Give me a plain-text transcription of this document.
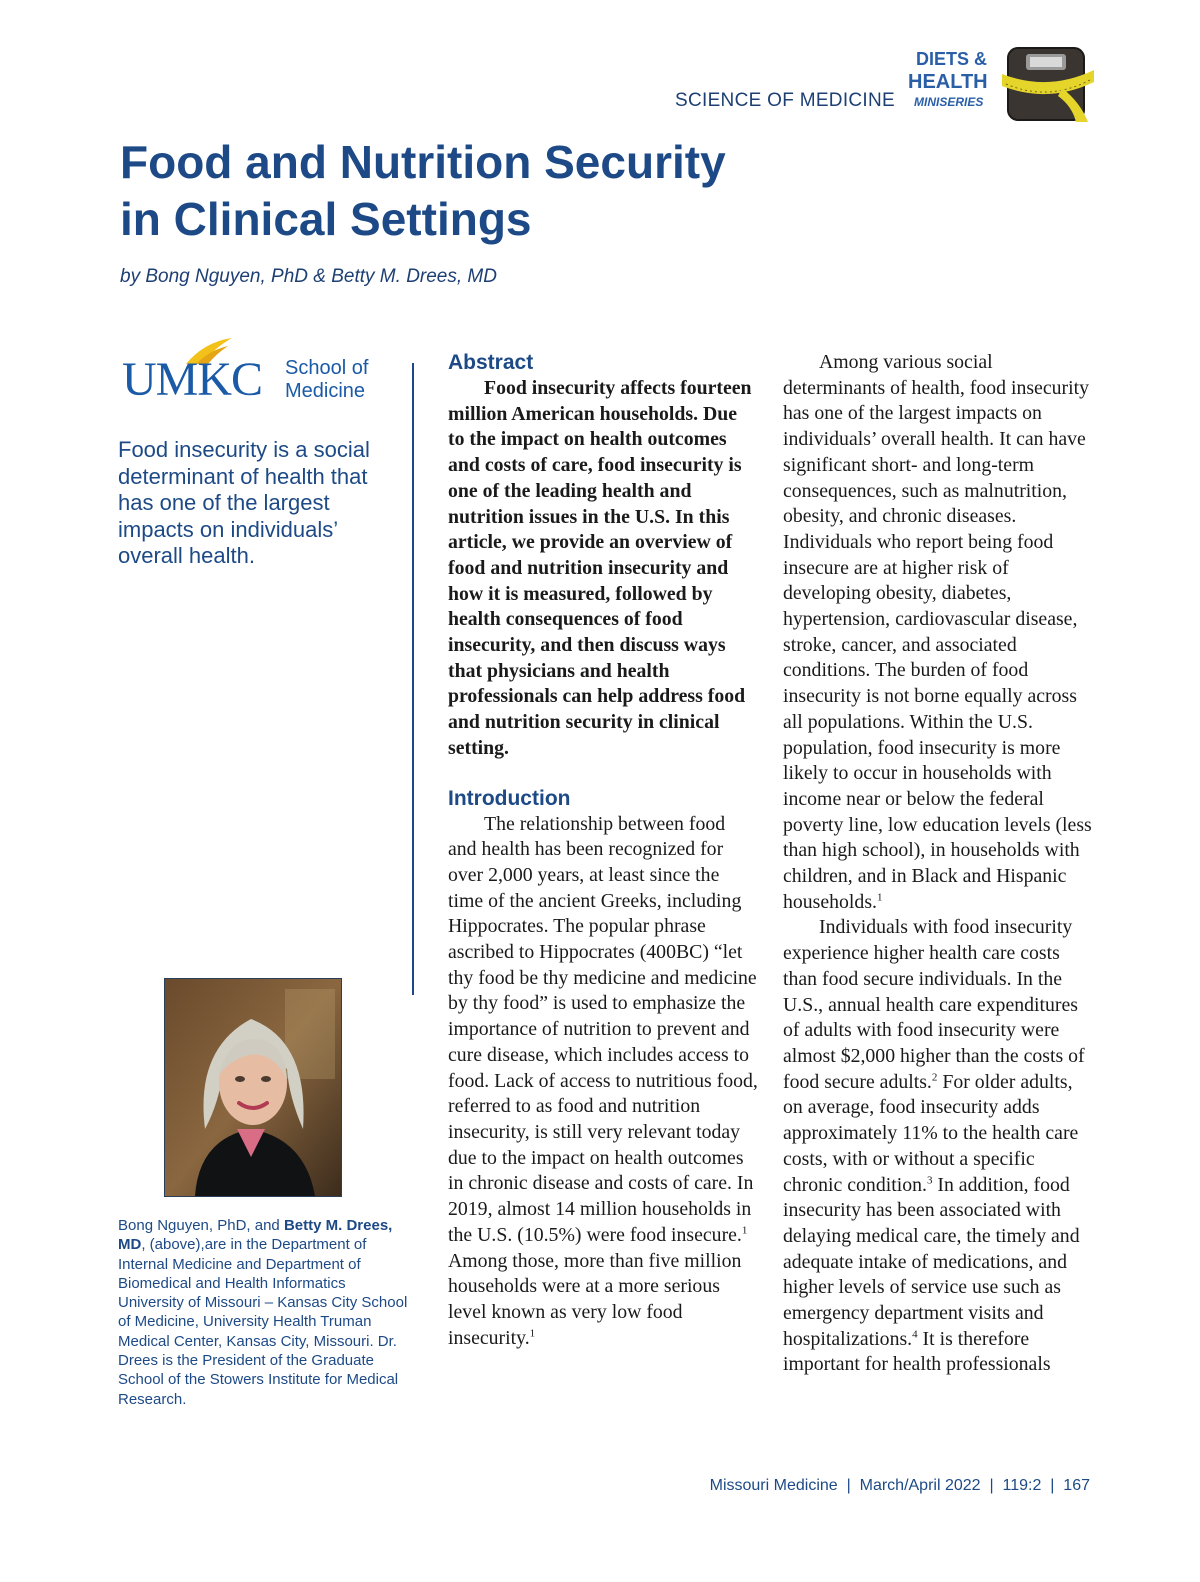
SCIENCE OF MEDICINE
DIETS &
HEALTH
MINISERIES
Food and Nutrition Security
in Clinical Settings
by Bong Nguyen, PhD & Betty M. Drees, MD
UMKC School of
Medicine

Food insecurity is a social determinant of health that has one of the largest impacts on individuals’ overall health.

Bong Nguyen, PhD, and Betty M. Drees, MD, (above),are in the Department of Internal Medicine and Department of Biomedical and Health Informatics University of Missouri – Kansas City School of Medicine, University Health Truman Medical Center, Kansas City, Missouri. Dr. Drees is the President of the Graduate School of the Stowers Institute for Medical Research.

Abstract

Food insecurity affects fourteen million American households. Due to the impact on health outcomes and costs of care, food insecurity is one of the leading health and nutrition issues in the U.S. In this article, we provide an overview of food and nutrition insecurity and how it is measured, followed by health consequences of food insecurity, and then discuss ways that physicians and health professionals can help address food and nutrition security in clinical setting.

Introduction

The relationship between food and health has been recognized for over 2,000 years, at least since the time of the ancient Greeks, including Hippocrates. The popular phrase ascribed to Hippocrates (400BC) “let thy food be thy medicine and medicine by thy food” is used to emphasize the importance of nutrition to prevent and cure disease, which includes access to food. Lack of access to nutritious food, referred to as food and nutrition insecurity, is still very relevant today due to the impact on health outcomes in chronic disease and costs of care. In 2019, almost 14 million households in the U.S. (10.5%) were food insecure.$^1$ Among those, more than five million households were at a more serious level known as very low food insecurity.$^1$

Among various social determinants of health, food insecurity has one of the largest impacts on individuals’ overall health. It can have significant short- and long-term consequences, such as malnutrition, obesity, and chronic diseases. Individuals who report being food insecure are at higher risk of developing obesity, diabetes, hypertension, cardiovascular disease, stroke, cancer, and associated conditions. The burden of food insecurity is not borne equally across all populations. Within the U.S. population, food insecurity is more likely to occur in households with income near or below the federal poverty line, low education levels (less than high school), in households with children, and in Black and Hispanic households.$^1$

Individuals with food insecurity experience higher health care costs than food secure individuals. In the U.S., annual health care expenditures of adults with food insecurity were almost $2,000 higher than the costs of food secure adults.$^2$ For older adults, on average, food insecurity adds approximately 11% to the health care costs, with or without a specific chronic condition.$^3$ In addition, food insecurity has been associated with delaying medical care, the timely and adequate intake of medications, and higher levels of service use such as emergency department visits and hospitalizations.$^4$ It is therefore important for health professionals

Missouri Medicine  |  March/April 2022  |  119:2  |  167
